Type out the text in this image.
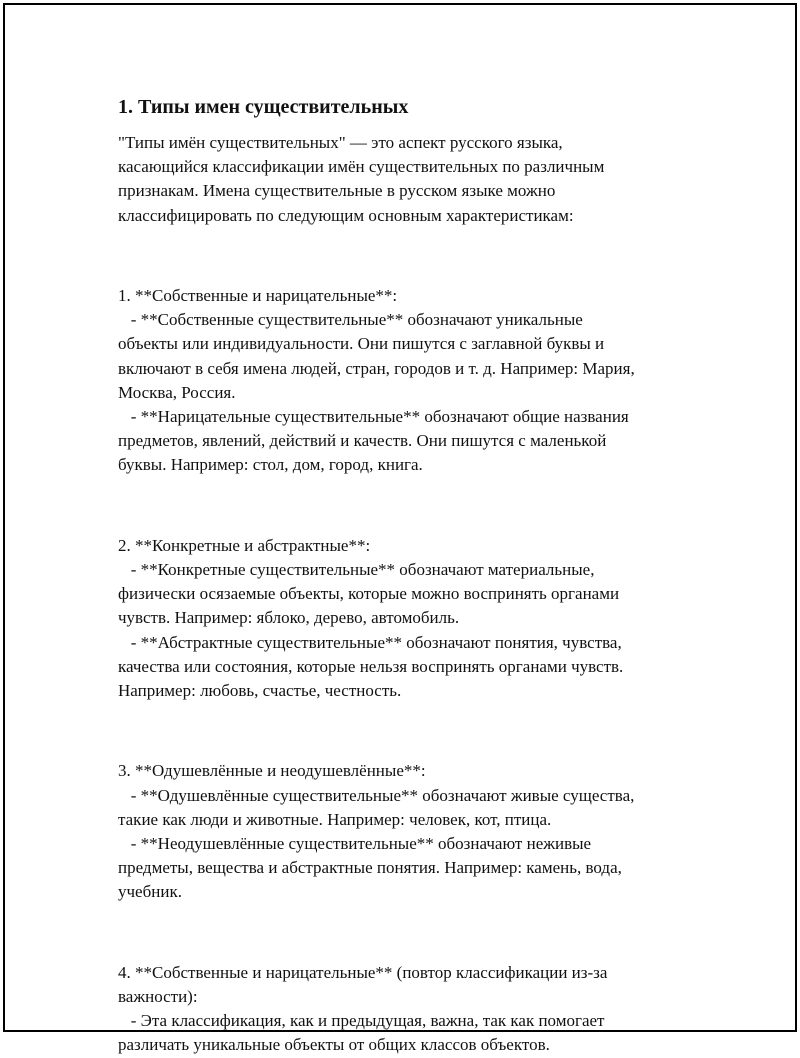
1. Типы имен существительных

"Типы имён существительных" — это аспект русского языка,

касающийся классификации имён существительных по различным

признакам. Имена существительные в русском языке можно

классифицировать по следующим основным характеристикам:

1. **Собственные и нарицательные**:

- **Собственные существительные** обозначают уникальные

объекты или индивидуальности. Они пишутся с заглавной буквы и

включают в себя имена людей, стран, городов и т. д. Например: Мария,

Москва, Россия.

- **Нарицательные существительные** обозначают общие названия

предметов, явлений, действий и качеств. Они пишутся с маленькой

буквы. Например: стол, дом, город, книга.

2. **Конкретные и абстрактные**:

- **Конкретные существительные** обозначают материальные,

физически осязаемые объекты, которые можно воспринять органами

чувств. Например: яблоко, дерево, автомобиль.

- **Абстрактные существительные** обозначают понятия, чувства,

качества или состояния, которые нельзя воспринять органами чувств.

Например: любовь, счастье, честность.

3. **Одушевлённые и неодушевлённые**:

- **Одушевлённые существительные** обозначают живые существа,

такие как люди и животные. Например: человек, кот, птица.

- **Неодушевлённые существительные** обозначают неживые

предметы, вещества и абстрактные понятия. Например: камень, вода,

учебник.

4. **Собственные и нарицательные** (повтор классификации из-за

важности):

- Эта классификация, как и предыдущая, важна, так как помогает

различать уникальные объекты от общих классов объектов.
